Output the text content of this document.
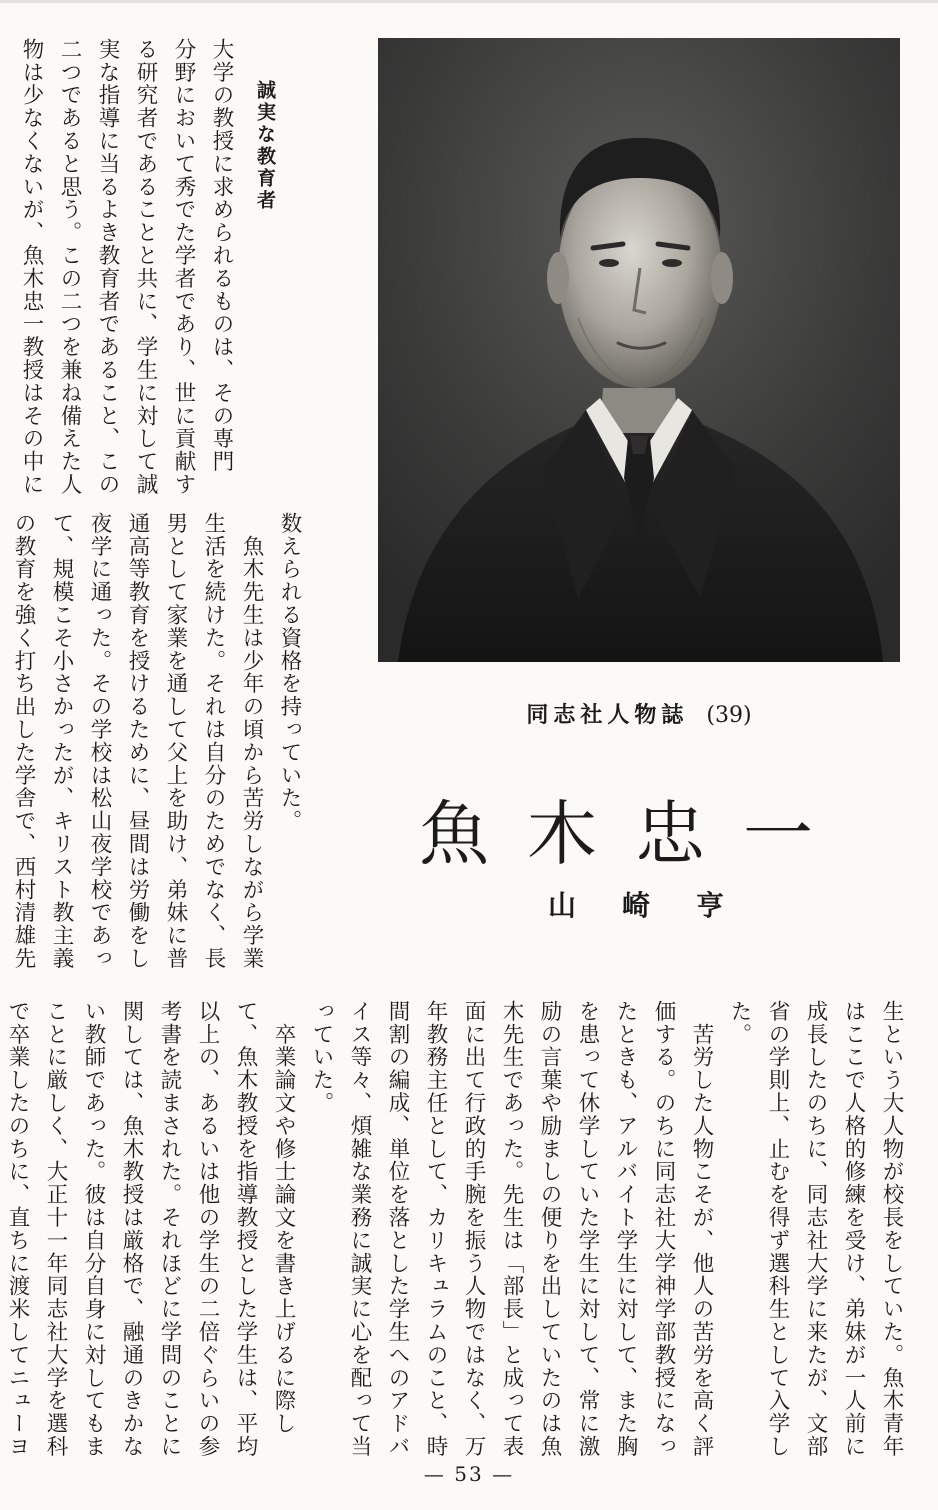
誠実な教育者
大学の教授に求められるものは、その専門
分野において秀でた学者であり、世に貢献す
る研究者であることと共に、学生に対して誠
実な指導に当るよき教育者であること、この
二つであると思う。この二つを兼ね備えた人
物は少なくないが、魚木忠一教授はその中に
数えられる資格を持っていた。
　魚木先生は少年の頃から苦労しながら学業
生活を続けた。それは自分のためでなく、長
男として家業を通して父上を助け、弟妹に普
通高等教育を授けるために、昼間は労働をし
夜学に通った。その学校は松山夜学校であっ
て、規模こそ小さかったが、キリスト教主義
の教育を強く打ち出した学舎で、西村清雄先
生という大人物が校長をしていた。魚木青年
はここで人格的修練を受け、弟妹が一人前に
成長したのちに、同志社大学に来たが、文部
省の学則上、止むを得ず選科生として入学し
た。
　苦労した人物こそが、他人の苦労を高く評
価する。のちに同志社大学神学部教授になっ
たときも、アルバイト学生に対して、また胸
を患って休学していた学生に対して、常に激
励の言葉や励ましの便りを出していたのは魚
木先生であった。先生は「部長」と成って表
面に出て行政的手腕を振う人物ではなく、万
年教務主任として、カリキュラムのこと、時
間割の編成、単位を落とした学生へのアドバ
イス等々、煩雑な業務に誠実に心を配って当
っていた。
　卒業論文や修士論文を書き上げるに際し
て、魚木教授を指導教授とした学生は、平均
以上の、あるいは他の学生の二倍ぐらいの参
考書を読まされた。それほどに学問のことに
関しては、魚木教授は厳格で、融通のきかな
い教師であった。彼は自分自身に対してもま
ことに厳しく、大正十一年同志社大学を選科
で卒業したのちに、直ちに渡米してニューヨ
同志社人物誌 (39)
魚木忠一
山崎亨
— 53 —
